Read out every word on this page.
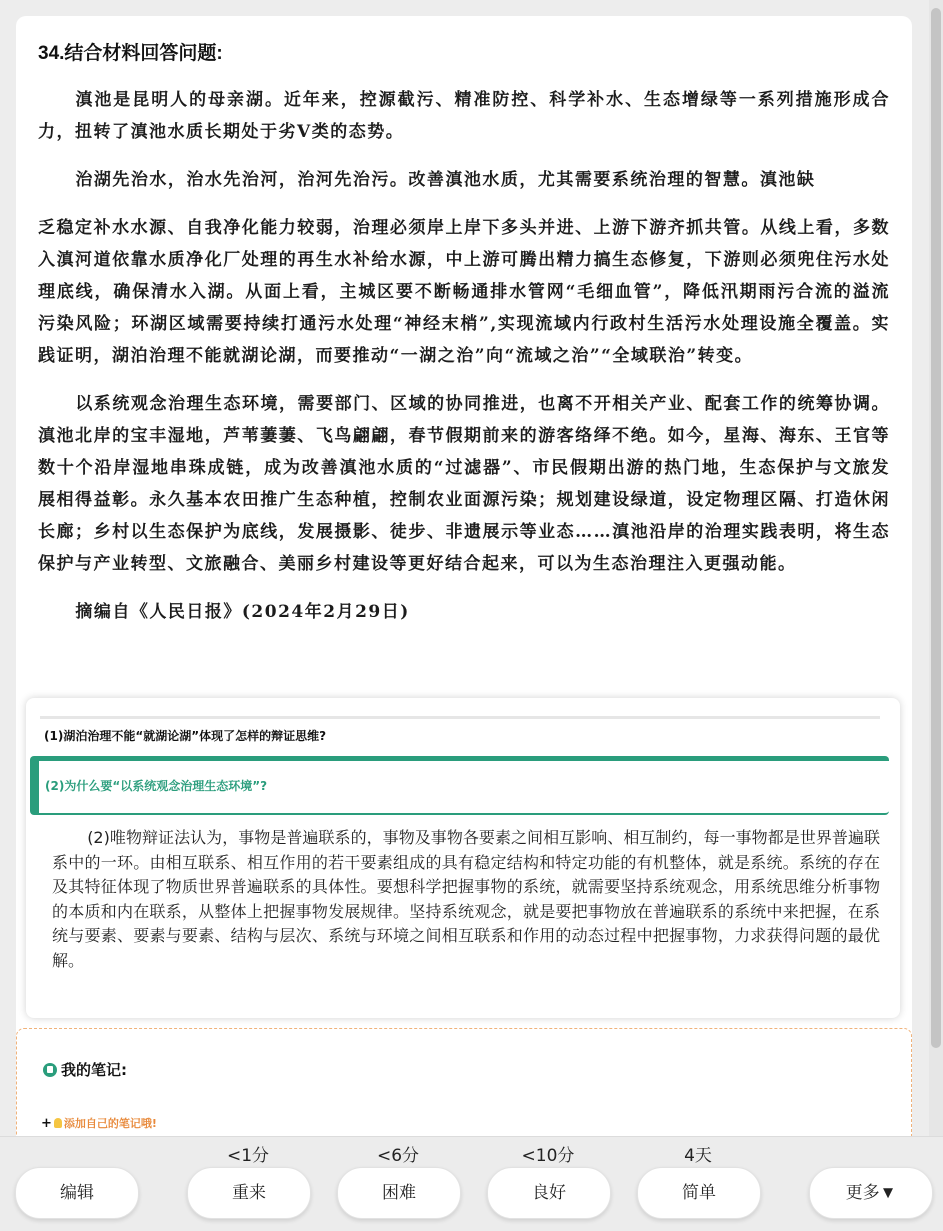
34.结合材料回答问题:

滇池是昆明人的母亲湖。近年来，控源截污、精准防控、科学补水、生态增绿等一系列措施形成合力，扭转了滇池水质长期处于劣V类的态势。

治湖先治水，治水先治河，治河先治污。改善滇池水质，尤其需要系统治理的智慧。滇池缺

乏稳定补水水源、自我净化能力较弱，治理必须岸上岸下多头并进、上游下游齐抓共管。从线上看，多数入滇河道依靠水质净化厂处理的再生水补给水源，中上游可腾出精力搞生态修复，下游则必须兜住污水处理底线，确保清水入湖。从面上看，主城区要不断畅通排水管网“毛细血管”，降低汛期雨污合流的溢流污染风险；环湖区域需要持续打通污水处理“神经末梢”,实现流域内行政村生活污水处理设施全覆盖。实践证明，湖泊治理不能就湖论湖，而要推动“一湖之治”向“流域之治”“全域联治”转变。

以系统观念治理生态环境，需要部门、区域的协同推进，也离不开相关产业、配套工作的统筹协调。滇池北岸的宝丰湿地，芦苇萋萋、飞鸟翩翩，春节假期前来的游客络绎不绝。如今，星海、海东、王官等数十个沿岸湿地串珠成链，成为改善滇池水质的“过滤器”、市民假期出游的热门地，生态保护与文旅发展相得益彰。永久基本农田推广生态种植，控制农业面源污染；规划建设绿道，设定物理区隔、打造休闲长廊；乡村以生态保护为底线，发展摄影、徒步、非遗展示等业态……滇池沿岸的治理实践表明，将生态保护与产业转型、文旅融合、美丽乡村建设等更好结合起来，可以为生态治理注入更强动能。

摘编自《人民日报》(2024年2月29日)

(1)湖泊治理不能“就湖论湖”体现了怎样的辩证思维?
(2)为什么要“以系统观念治理生态环境”?
(2)唯物辩证法认为，事物是普遍联系的，事物及事物各要素之间相互影响、相互制约，每一事物都是世界普遍联系中的一环。由相互联系、相互作用的若干要素组成的具有稳定结构和特定功能的有机整体，就是系统。系统的存在及其特征体现了物质世界普遍联系的具体性。要想科学把握事物的系统，就需要坚持系统观念，用系统思维分析事物的本质和内在联系，从整体上把握事物发展规律。坚持系统观念，就是要把事物放在普遍联系的系统中来把握，在系统与要素、要素与要素、结构与层次、系统与环境之间相互联系和作用的动态过程中把握事物，力求获得问题的最优解。
我的笔记:
+ 添加自己的笔记哦!
<1分	<6分	<10分	4天
编辑	重来	困难	良好	简单	更多▼
